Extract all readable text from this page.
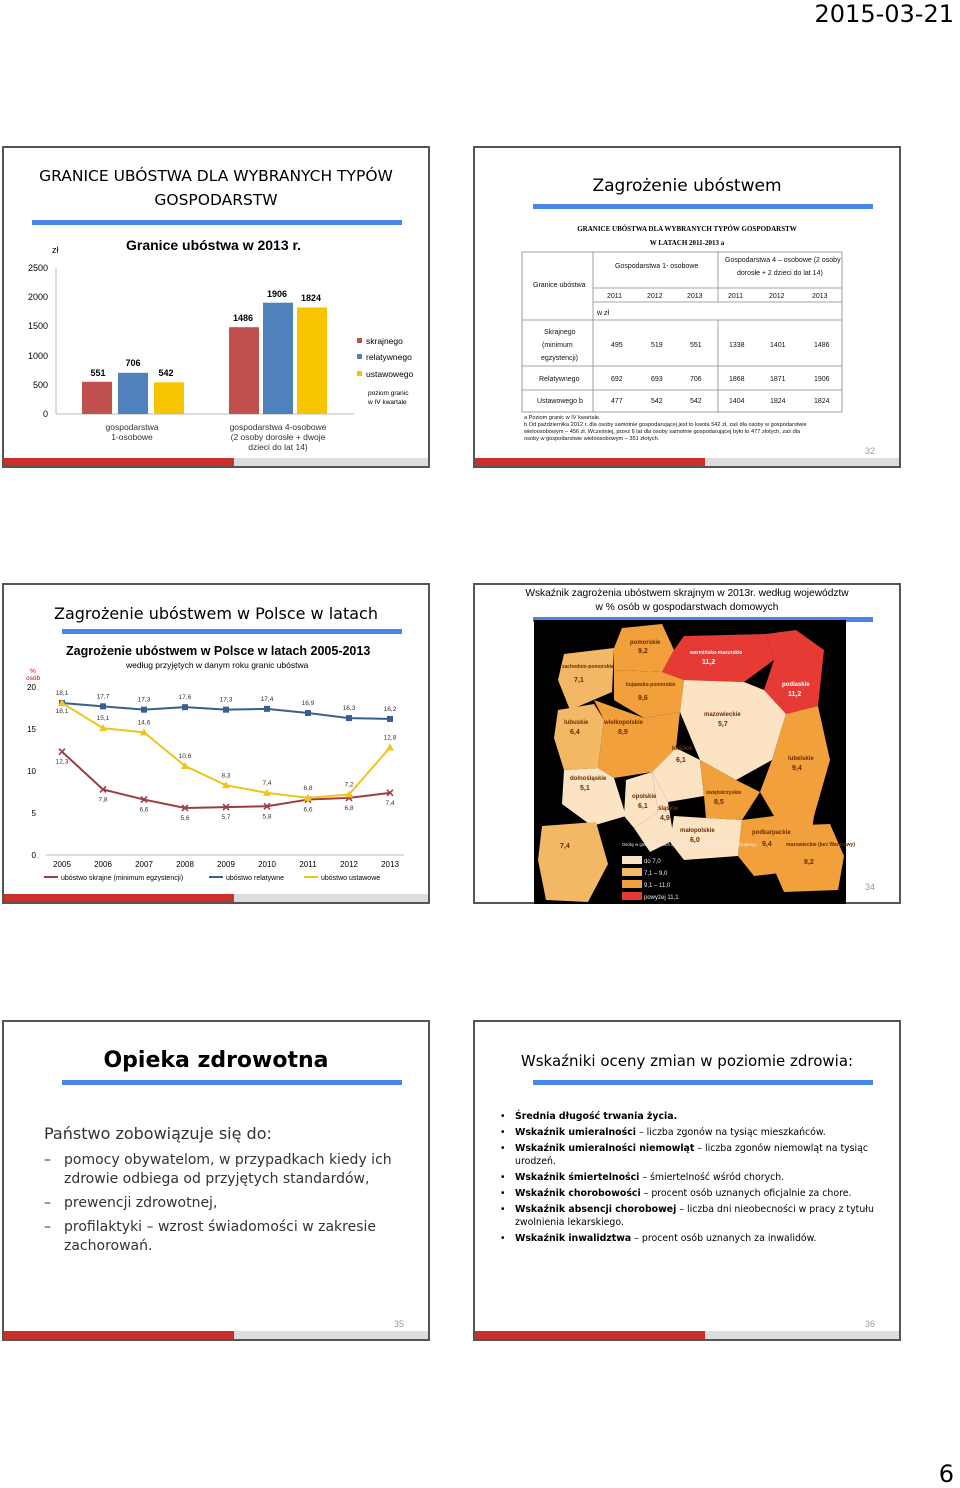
2015-03-21
GRANICE UBÓSTWA DLA WYBRANYCH TYPÓW
GOSPODARSTW
Granice ubóstwa w 2013 r.
zł
2500
2000
1500
1000
500
0
551
706
542
1486
1906 1824
gospodarstwa
1-osobowe
gospodarstwa 4-osobowe
(2 osoby dorosłe + dwoje
dzieci do lat 14)
skrajnego
relatywnego
ustawowego
poziom granic
w IV kwartale
Zagrożenie ubóstwem
GRANICE UBÓSTWA DLA WYBRANYCH TYPÓW GOSPODARSTW
W LATACH 2011-2013 a
Granice ubóstwa
Gospodarstwa 1- osobowe
Gospodarstwa 4 – osobowe (2 osoby
dorosłe + 2 dzieci do lat 14)
2011	2012	2013	2011	2012	2013
w zł
Skrajnego
(minimum
egzystencji)
495	519	551	1338	1401	1486
Relatywnego	692	693	706	1868	1871	1906
Ustawowego b	477	542	542	1404	1824	1824
a Poziom granic w IV kwartale.
b Od października 2012 r. dla osoby samotnie gospodarującej jest to kwota 542 zł, zaś dla osoby w gospodarstwie
wieloosobowym – 456 zł. Wcześniej, przez 6 lat dla osoby samotnie gospodarującej było to 477 złotych, zaś dla
osoby w gospodarstwie wieloosobowym – 351 złotych.
32
Zagrożenie ubóstwem w Polsce w latach
Zagrożenie ubóstwem w Polsce w latach 2005-2013
według przyjętych w danym roku granic ubóstwa
%
osób
0
5
10
15
20
2005	2006	2007	2008	2009	2010	2011	2012	2013
12,3
7,8
6,6
5,6	5,7	5,8
6,6	6,8
7,4
18,1	17,7	17,3	17,6	17,3	17,4
16,9
16,3	16,2
18,1
15,1
14,6
10,6
8,3
7,4
6,8	7,2
12,8
ubóstwo skrajne (minimum egzystencji)	ubóstwo relatywne	ubóstwo ustawowe
Wskaźnik zagrożenia ubóstwem skrajnym w 2013r. według województw
w % osób w gospodarstwach domowych
pomorskie
9,2	warmińsko-mazurskie
11,2
zachodnio-pomorskie
7,1
kujawsko-pomorskie
9,6
podlaskie
11,2
lubuskie
6,4
wielkopolskie
8,9
mazowieckie
5,7
łódzkie
6,1	lubelskie
9,4
dolnośląskie
5,1
opolskie
6,1
świętokrzyskie
8,5
śląskie
4,9
małopolskie
6,0
podkarpackie
9,4	mazowieckie (bez Warszawy)
8,2
7,4	Osoby w gospodarstwach domowych poniżej granicy ubóstwa skrajnego
do 7,0
7,1 – 9,0
9,1 – 11,0
powyżej 11,1
34
Opieka zdrowotna
Państwo zobowiązuje się do:
– pomocy obywatelom, w przypadkach kiedy ich
zdrowie odbiega od przyjętych standardów,
– prewencji zdrowotnej,
– profilaktyki – wzrost świadomości w zakresie
zachorowań.
35
Wskaźniki oceny zmian w poziomie zdrowia:
• Średnia długość trwania życia.
• Wskaźnik umieralności – liczba zgonów na tysiąc mieszkańców.
• Wskaźnik umieralności niemowląt – liczba zgonów niemowląt na tysiąc urodzeń.
• Wskaźnik śmiertelności – śmiertelność wśród chorych.
• Wskaźnik chorobowości – procent osób uznanych oficjalnie za chore.
• Wskaźnik absencji chorobowej – liczba dni nieobecności w pracy z tytułu zwolnienia lekarskiego.
• Wskaźnik inwalidztwa – procent osób uznanych za inwalidów.
36
6
